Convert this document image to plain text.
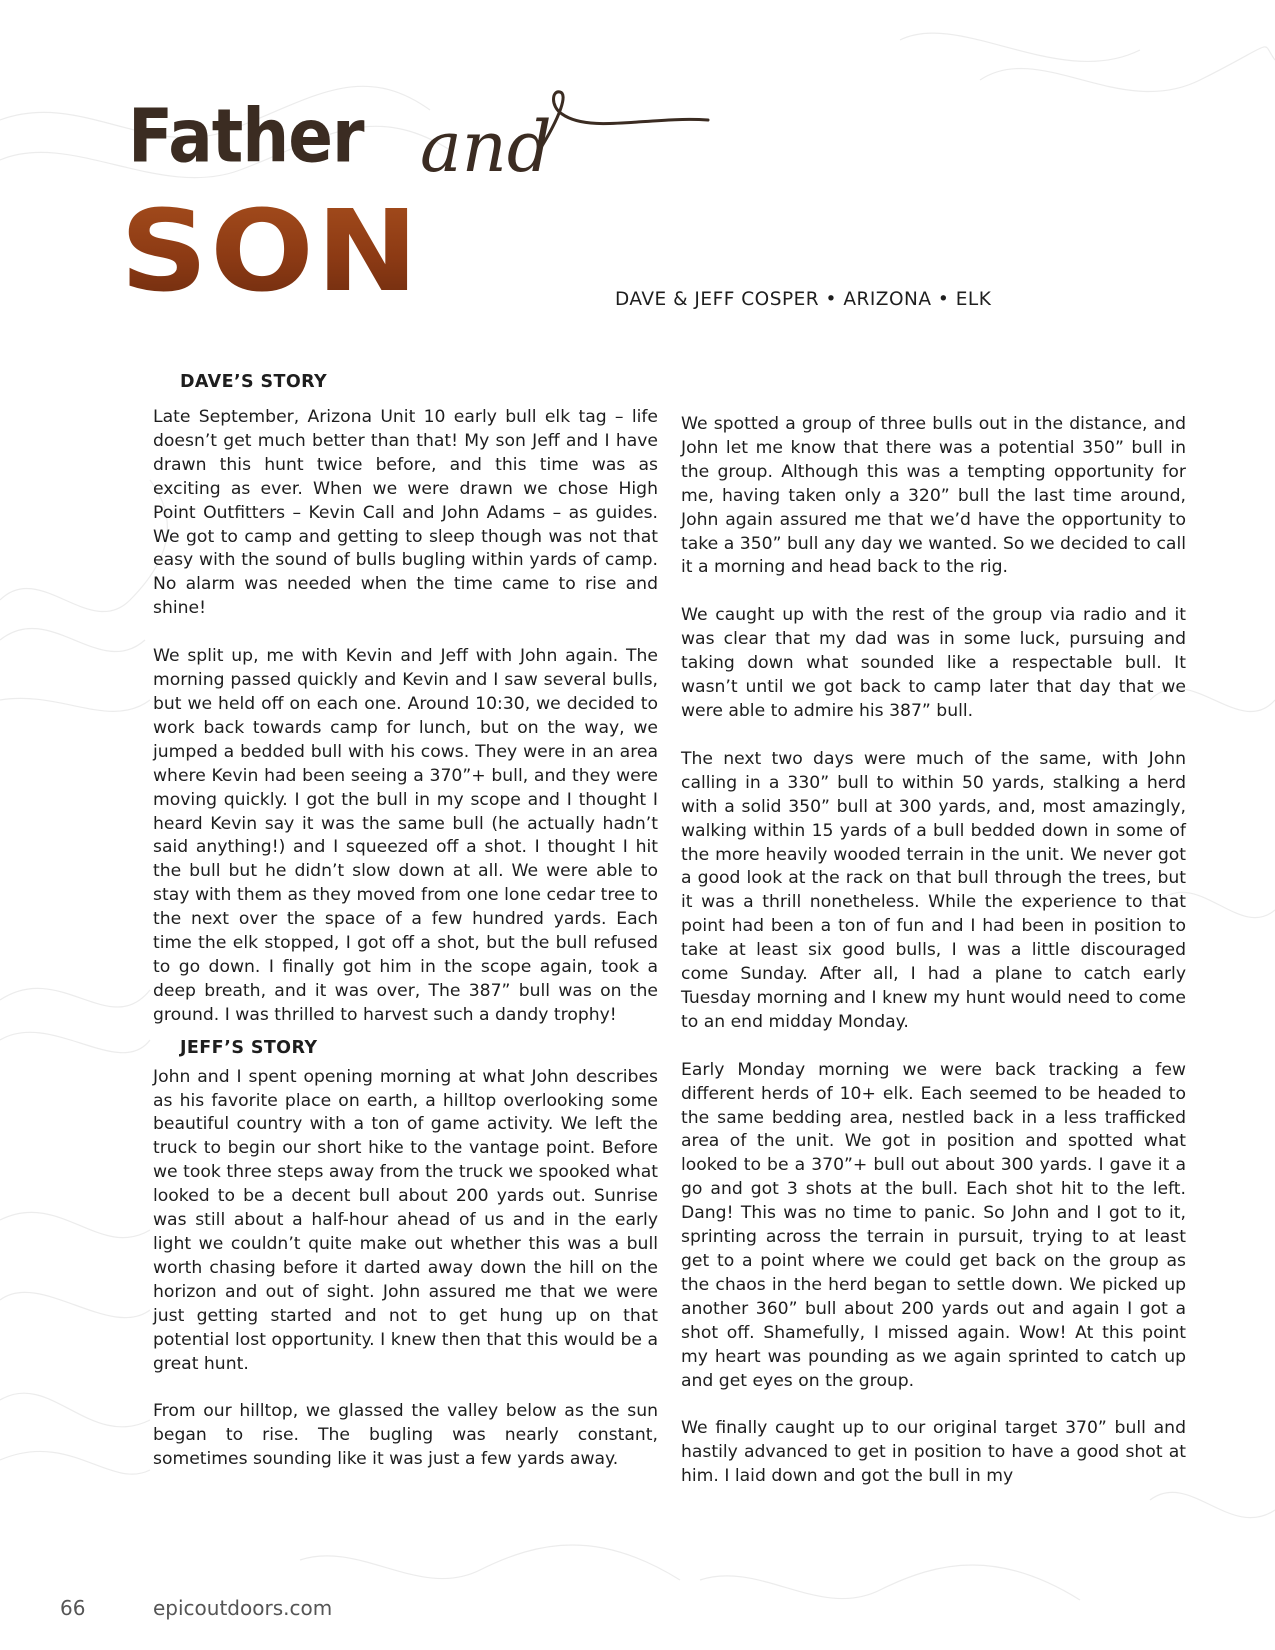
Father and
SON	DAVE & JEFF COSPER • ARIZONA • ELK
DAVE’S STORY

Late September, Arizona Unit 10 early bull elk tag – life doesn’t get much better than that! My son Jeff and I have drawn this hunt twice before, and this time was as exciting as ever. When we were drawn we chose High Point Outfitters – Kevin Call and John Adams – as guides. We got to camp and getting to sleep though was not that easy with the sound of bulls bugling within yards of camp. No alarm was needed when the time came to rise and shine!

We split up, me with Kevin and Jeff with John again. The morning passed quickly and Kevin and I saw several bulls, but we held off on each one. Around 10:30, we decided to work back towards camp for lunch, but on the way, we jumped a bedded bull with his cows. They were in an area where Kevin had been seeing a 370”+ bull, and they were moving quickly. I got the bull in my scope and I thought I heard Kevin say it was the same bull (he actually hadn’t said anything!) and I squeezed off a shot. I thought I hit the bull but he didn’t slow down at all. We were able to stay with them as they moved from one lone cedar tree to the next over the space of a few hundred yards. Each time the elk stopped, I got off a shot, but the bull refused to go down. I finally got him in the scope again, took a deep breath, and it was over, The 387” bull was on the ground. I was thrilled to harvest such a dandy trophy!

JEFF’S STORY

John and I spent opening morning at what John describes as his favorite place on earth, a hilltop overlooking some beautiful country with a ton of game activity. We left the truck to begin our short hike to the vantage point. Before we took three steps away from the truck we spooked what looked to be a decent bull about 200 yards out. Sunrise was still about a half-hour ahead of us and in the early light we couldn’t quite make out whether this was a bull worth chasing before it darted away down the hill on the horizon and out of sight. John assured me that we were just getting started and not to get hung up on that potential lost opportunity. I knew then that this would be a great hunt.

From our hilltop, we glassed the valley below as the sun began to rise. The bugling was nearly constant, sometimes sounding like it was just a few yards away.

We spotted a group of three bulls out in the distance, and John let me know that there was a potential 350” bull in the group. Although this was a tempting opportunity for me, having taken only a 320” bull the last time around, John again assured me that we’d have the opportunity to take a 350” bull any day we wanted. So we decided to call it a morning and head back to the rig.

We caught up with the rest of the group via radio and it was clear that my dad was in some luck, pursuing and taking down what sounded like a respectable bull. It wasn’t until we got back to camp later that day that we were able to admire his 387” bull.

The next two days were much of the same, with John calling in a 330” bull to within 50 yards, stalking a herd with a solid 350” bull at 300 yards, and, most amazingly, walking within 15 yards of a bull bedded down in some of the more heavily wooded terrain in the unit. We never got a good look at the rack on that bull through the trees, but it was a thrill nonetheless. While the experience to that point had been a ton of fun and I had been in position to take at least six good bulls, I was a little discouraged come Sunday. After all, I had a plane to catch early Tuesday morning and I knew my hunt would need to come to an end midday Monday.

Early Monday morning we were back tracking a few different herds of 10+ elk. Each seemed to be headed to the same bedding area, nestled back in a less trafficked area of the unit. We got in position and spotted what looked to be a 370”+ bull out about 300 yards. I gave it a go and got 3 shots at the bull. Each shot hit to the left. Dang! This was no time to panic. So John and I got to it, sprinting across the terrain in pursuit, trying to at least get to a point where we could get back on the group as the chaos in the herd began to settle down. We picked up another 360” bull about 200 yards out and again I got a shot off. Shamefully, I missed again. Wow! At this point my heart was pounding as we again sprinted to catch up and get eyes on the group.

We finally caught up to our original target 370” bull and hastily advanced to get in position to have a good shot at him. I laid down and got the bull in my

66	epicoutdoors.com
